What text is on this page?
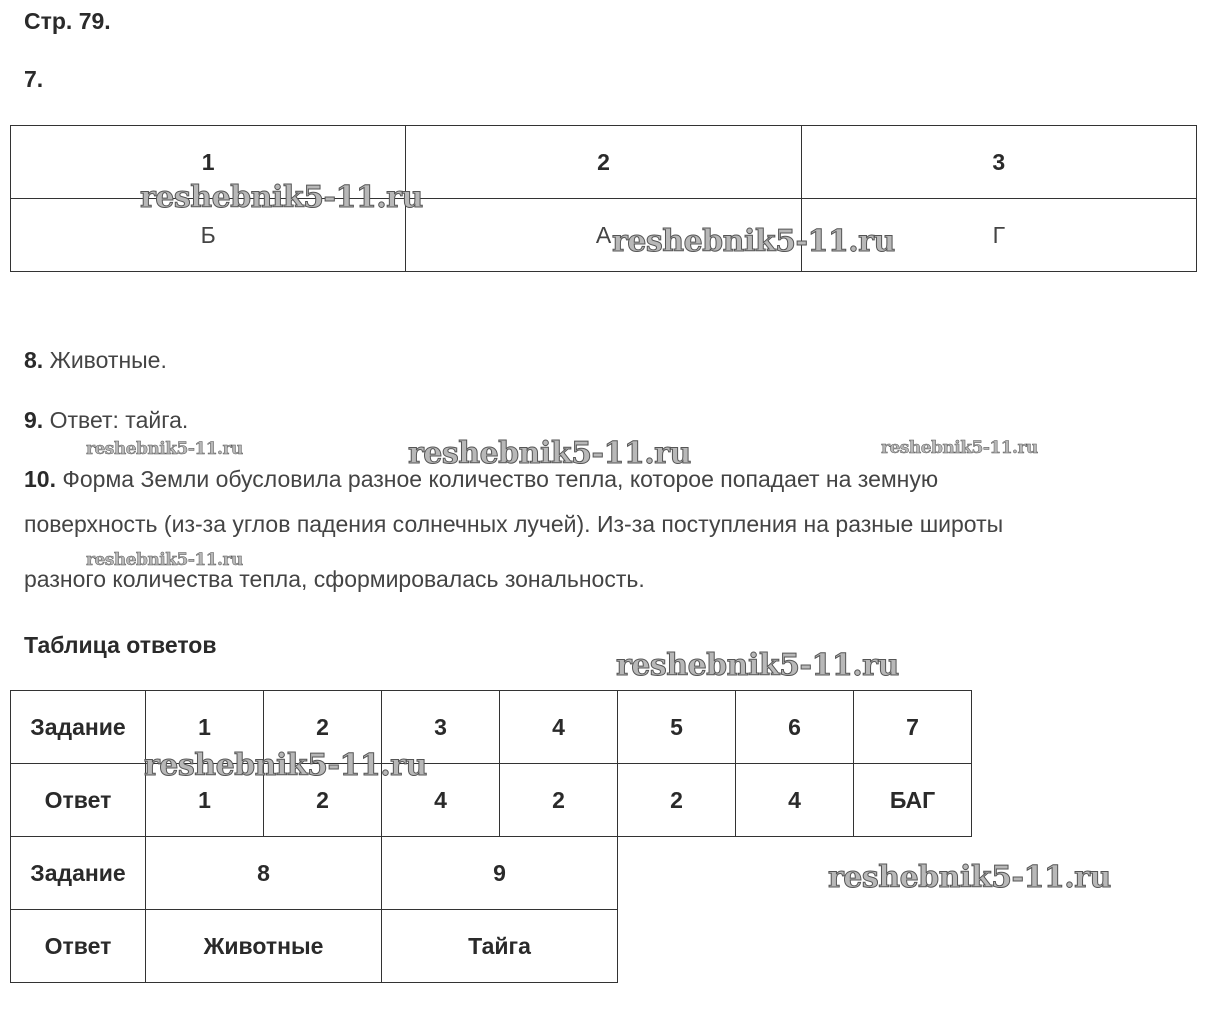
Стр. 79.
7.
1	2	3
Б	А	Г
8. Животные.
9. Ответ: тайга.
10. Форма Земли обусловила разное количество тепла, которое попадает на земную
поверхность (из-за углов падения солнечных лучей). Из-за поступления на разные широты
разного количества тепла, сформировалась зональность.
Таблица ответов
Задание	1	2	3	4	5	6	7
Ответ	1	2	4	2	2	4	БАГ
Задание	8		9				
Ответ	Животные		Тайга				
reshebnik5-11.ru
reshebnik5-11.ru
reshebnik5-11.ru	reshebnik5-11.ru	reshebnik5-11.ru
reshebnik5-11.ru
reshebnik5-11.ru
reshebnik5-11.ru
reshebnik5-11.ru
